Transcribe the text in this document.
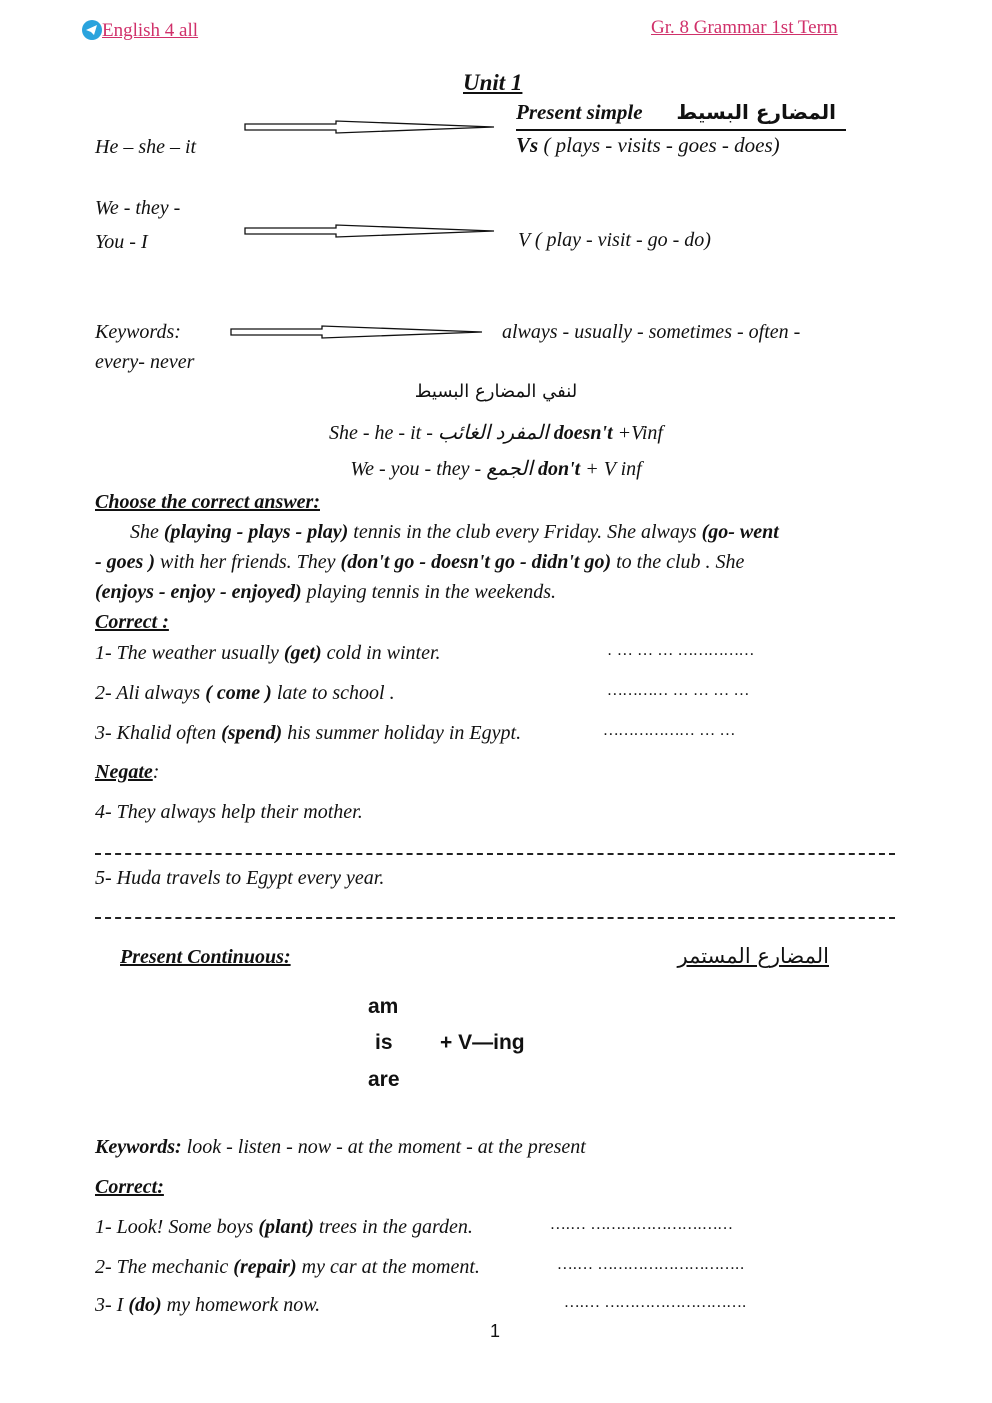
English 4 all	Gr. 8 Grammar 1st Term
Unit 1
Present simple المضارع البسيط
He – she – it	Vs ( plays - visits - goes - does)
We - they -
You - I	V ( play - visit - go - do)
Keywords:
every- never
always - usually - sometimes - often -
لنفي المضارع البسيط
She - he - it - المفرد الغائب doesn't +Vinf
We - you - they - الجمع don't + V inf
Choose the correct answer:
She (playing - plays - play) tennis in the club every Friday. She always (go- went
- goes ) with her friends. They (don't go - doesn't go - didn't go) to the club . She
(enjoys - enjoy - enjoyed) playing tennis in the weekends.
Correct :
1- The weather usually (get) cold in winter.	. … … … ……………
2- Ali always ( come ) late to school .	………… … … … …
3- Khalid often (spend) his summer holiday in Egypt.	……………… … …
Negate:
4- They always help their mother.
5- Huda travels to Egypt every year.
Present Continuous:	المضارع المستمر
am
is + V—ing
are
Keywords: look - listen - now - at the moment - at the present
Correct:
1- Look! Some boys (plant) trees in the garden.	….… ………………….……
2- The mechanic (repair) my car at the moment.	….… ………………………..
3- I (do) my homework now.	….… ……………………….
1
